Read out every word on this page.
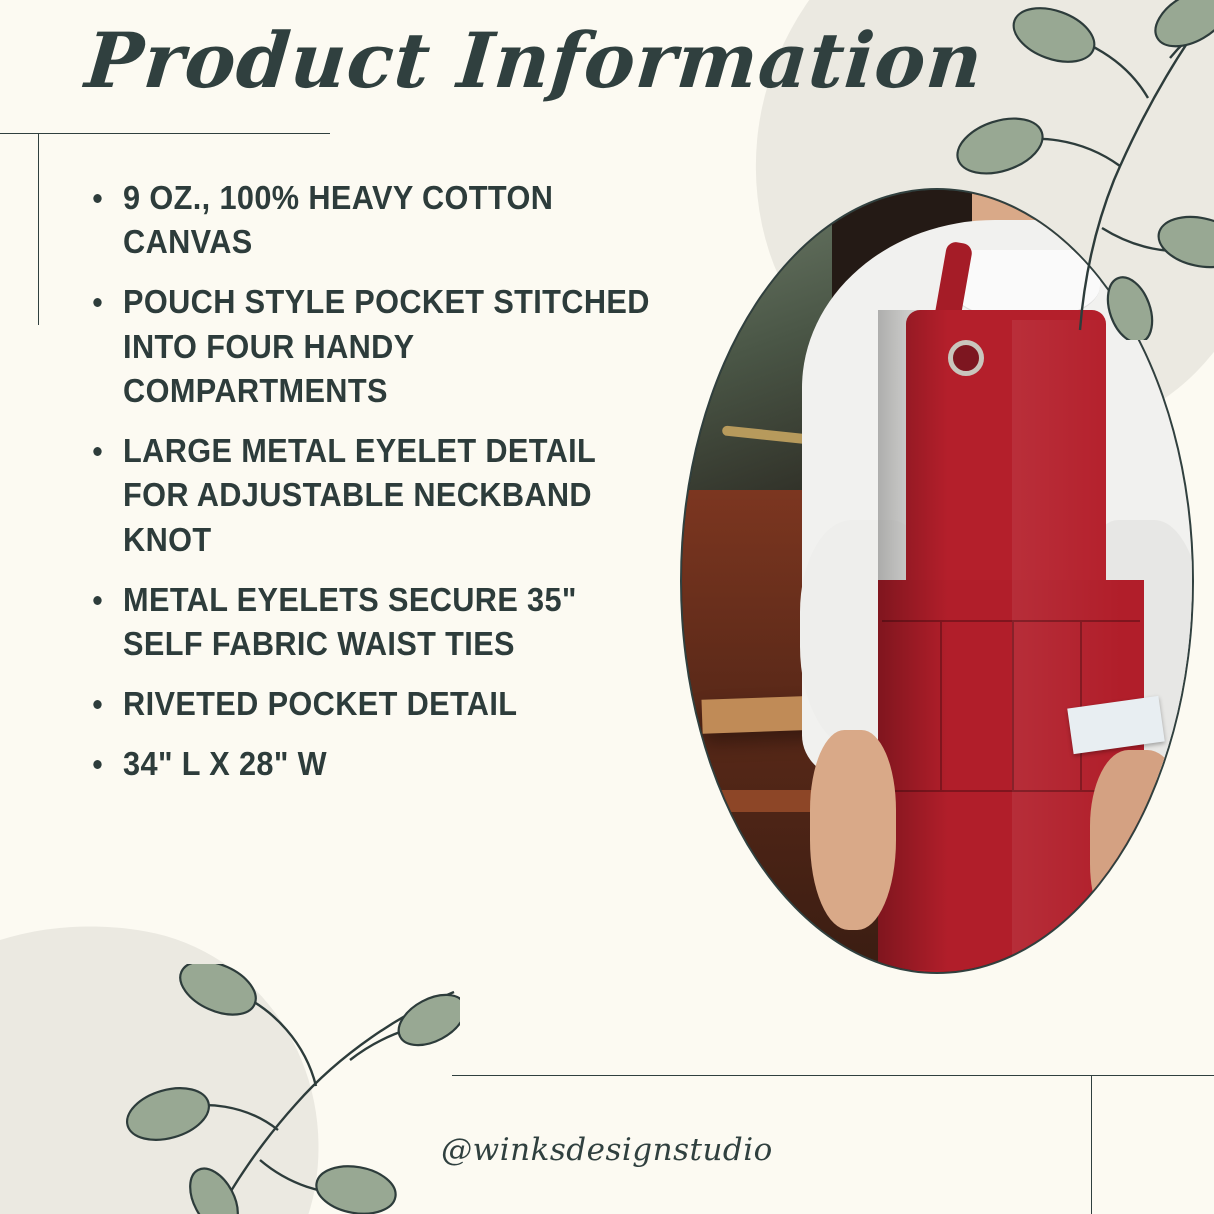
Product Information
9 OZ., 100% HEAVY COTTON CANVAS
POUCH STYLE POCKET STITCHED INTO FOUR HANDY COMPARTMENTS
LARGE METAL EYELET DETAIL FOR ADJUSTABLE NECKBAND KNOT
METAL EYELETS SECURE 35" SELF FABRIC WAIST TIES
RIVETED POCKET DETAIL
34" L X 28" W
@winksdesignstudio
